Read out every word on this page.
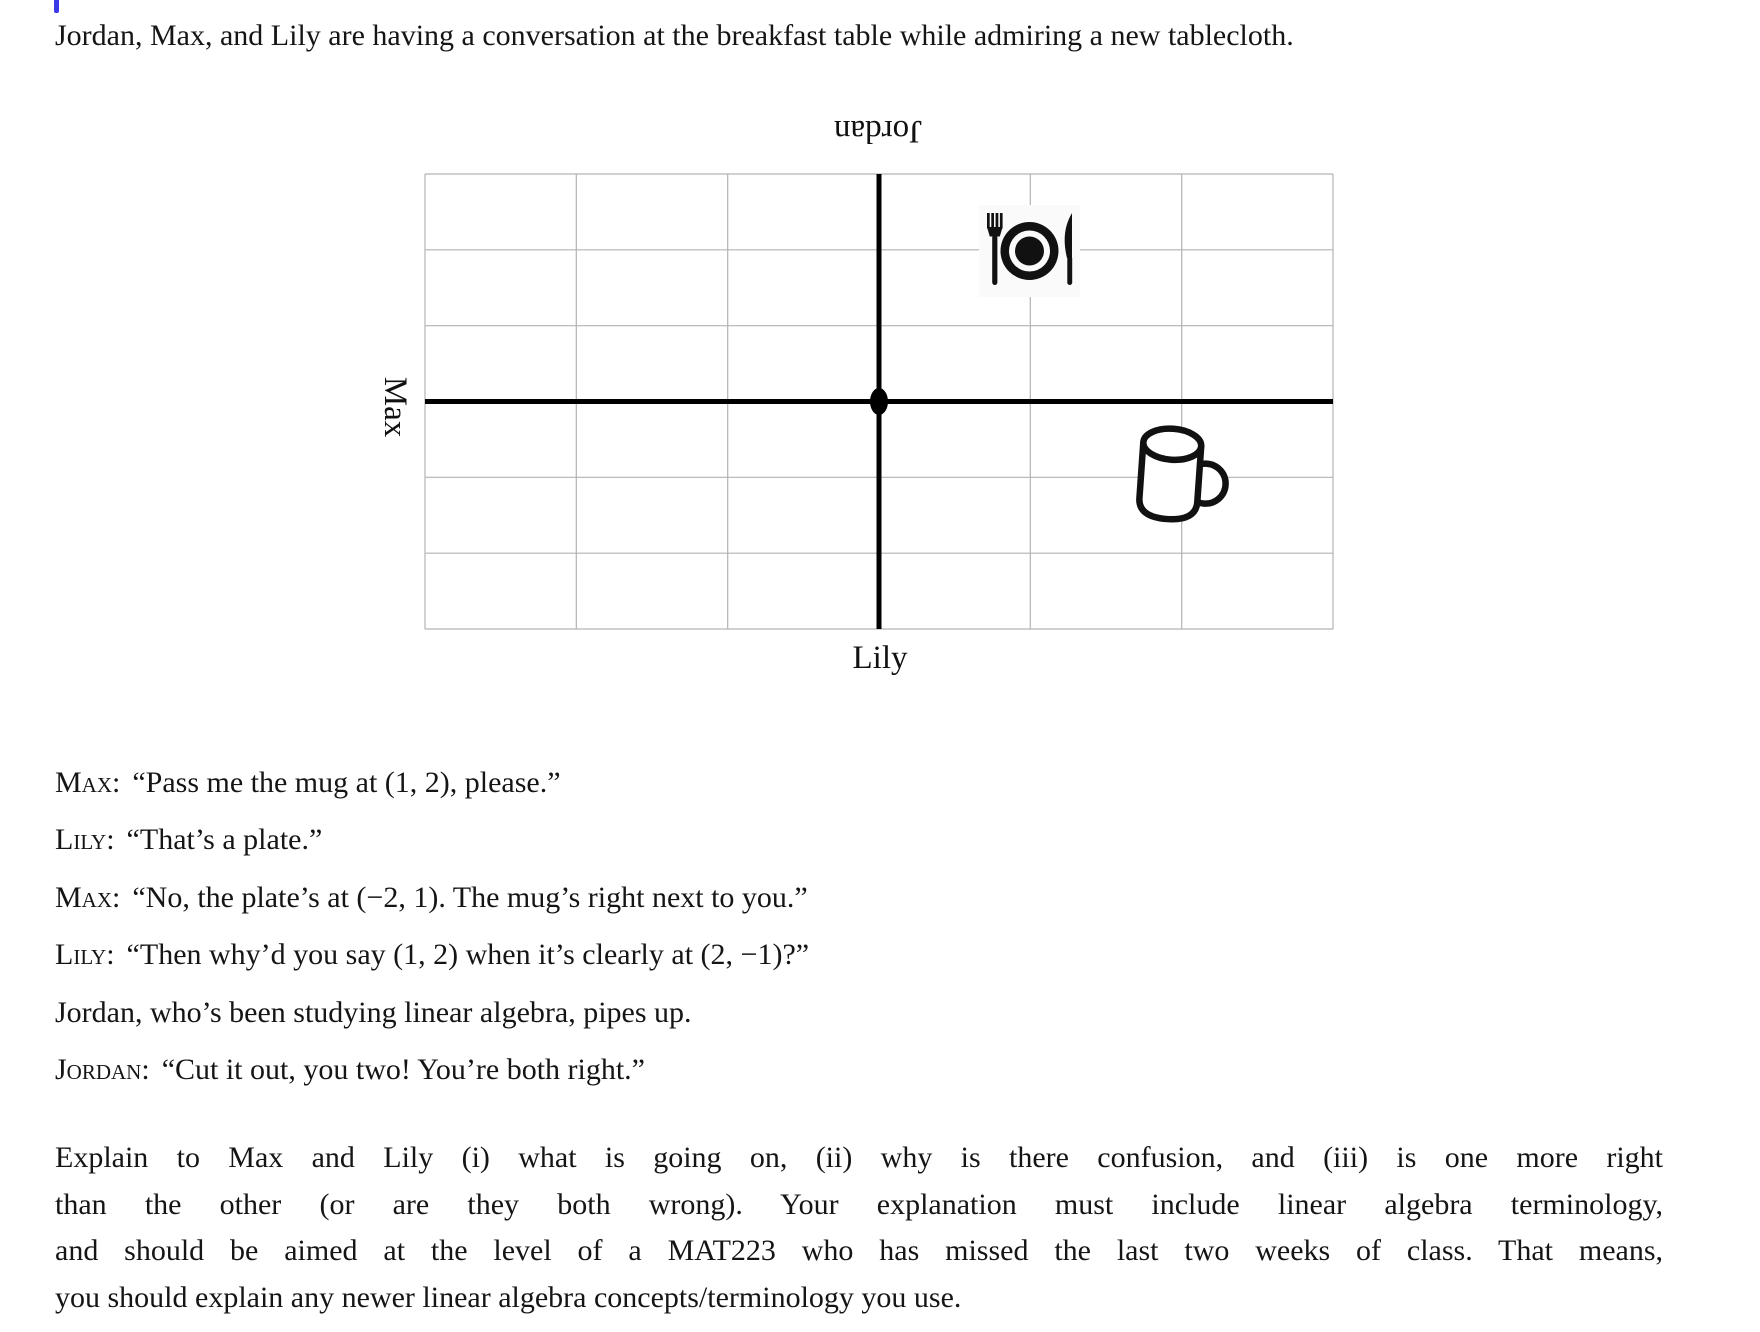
Jordan, Max, and Lily are having a conversation at the breakfast table while admiring a new tablecloth.
Jordan
Max
Lily
Max: “Pass me the mug at (1, 2), please.”
Lily: “That’s a plate.”
Max: “No, the plate’s at (−2, 1). The mug’s right next to you.”
Lily: “Then why’d you say (1, 2) when it’s clearly at (2, −1)?”
Jordan, who’s been studying linear algebra, pipes up.
Jordan: “Cut it out, you two! You’re both right.”
Explain to Max and Lily (i) what is going on, (ii) why is there confusion, and (iii) is one more right
than the other (or are they both wrong). Your explanation must include linear algebra terminology,
and should be aimed at the level of a MAT223 who has missed the last two weeks of class. That means,
you should explain any newer linear algebra concepts/terminology you use.
